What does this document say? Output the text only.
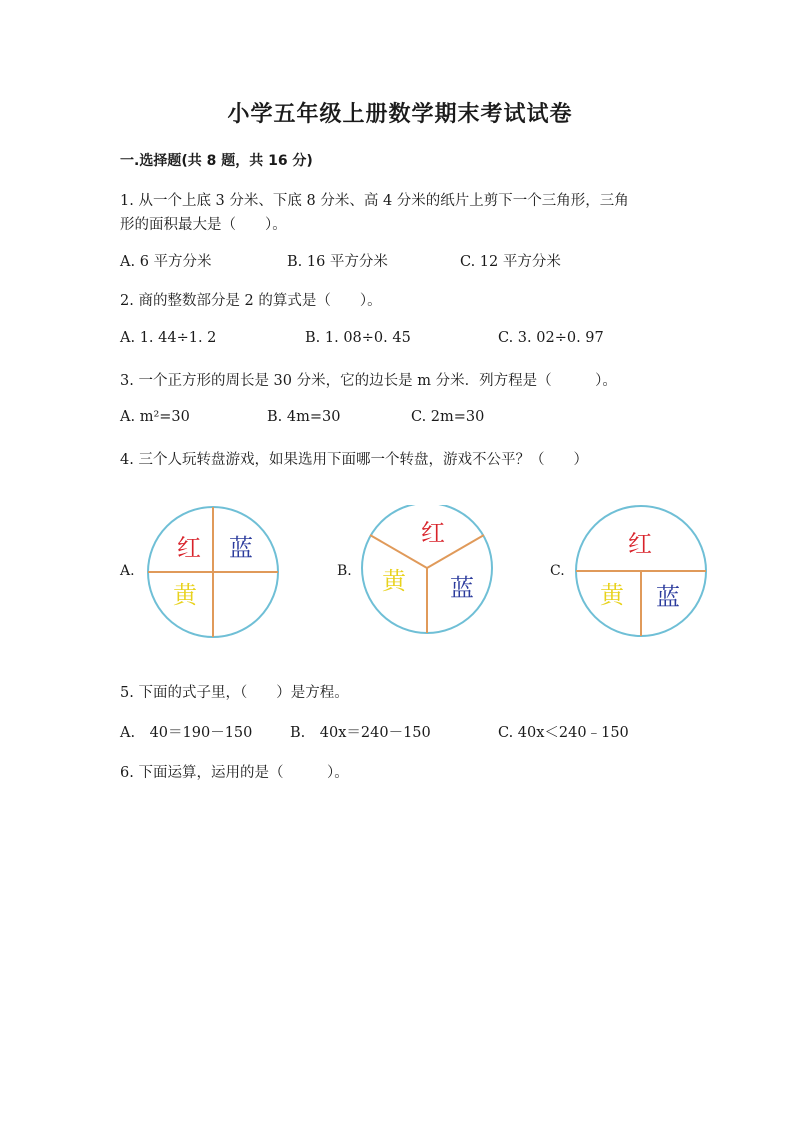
小学五年级上册数学期末考试试卷
一.选择题(共 8 题，共 16 分)
1. 从一个上底 3 分米、下底 8 分米、高 4 分米的纸片上剪下一个三角形，三角
形的面积最大是（　　）。
A. 6 平方分米	B. 16 平方分米	C. 12 平方分米
2. 商的整数部分是 2 的算式是（　　）。
A. 1. 44÷1. 2	B. 1. 08÷0. 45	C. 3. 02÷0. 97
3. 一个正方形的周长是 30 分米，它的边长是 m 分米．列方程是（　　　）。
A. m²=30	B. 4m=30	C. 2m=30
4. 三个人玩转盘游戏，如果选用下面哪一个转盘，游戏不公平？（　　）
A.
红 蓝
黄
B.
红
黄 蓝
C.
红
黄 蓝
5. 下面的式子里，（　　）是方程。
A.　40＝190－150	B.　40x＝240－150	C. 40x＜240﹣150
6. 下面运算，运用的是（　　　）。
